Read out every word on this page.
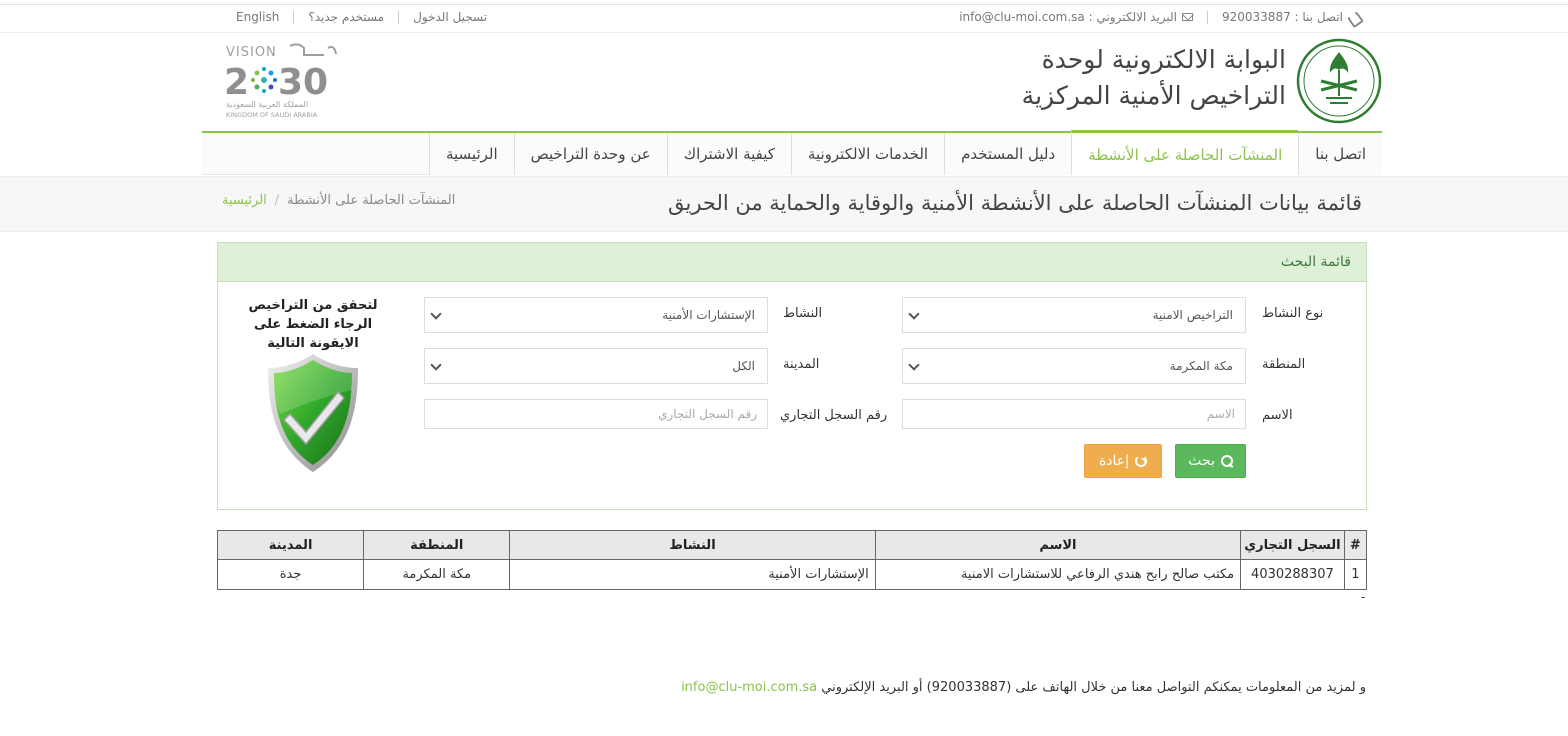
اتصل بنا : 920033887
البريد الالكتروني : info@clu-moi.com.sa
تسجيل الدخول
مستخدم جديد؟
English
البوابة الالكترونية لوحدة
التراخيص الأمنية المركزية
VISION
2 30
المملكة العربية السعودية
KINGDOM OF SAUDI ARABIA
الرئيسية	عن وحدة التراخيص	كيفية الاشتراك	الخدمات الالكترونية	دليل المستخدم	المنشآت الحاصلة على الأنشطة	اتصل بنا
قائمة بيانات المنشآت الحاصلة على الأنشطة الأمنية والوقاية والحماية من الحريق
الرئيسية / المنشآت الحاصلة على الأنشطة
قائمة البحث
نوع النشاط
التراخيص الامنية
النشاط
الإستشارات الأمنية
المنطقة
مكة المكرمة
المدينة
الكل
الاسم
الاسم
رقم السجل التجاري
رقم السجل التجاري
بحث
إعادة
لتحقق من التراخيص
الرجاء الضغط على
الايقونة التالية
#	السجل التجاري	الاسم	النشاط	المنطقة	المدينة
1	4030288307	مكتب صالح رابح هندي الرفاعي للاستشارات الامنية	الإستشارات الأمنية	مكة المكرمة	جدة
-
و لمزيد من المعلومات يمكنكم التواصل معنا من خلال الهاتف على (920033887) أو البريد الإلكتروني info@clu-moi.com.sa
